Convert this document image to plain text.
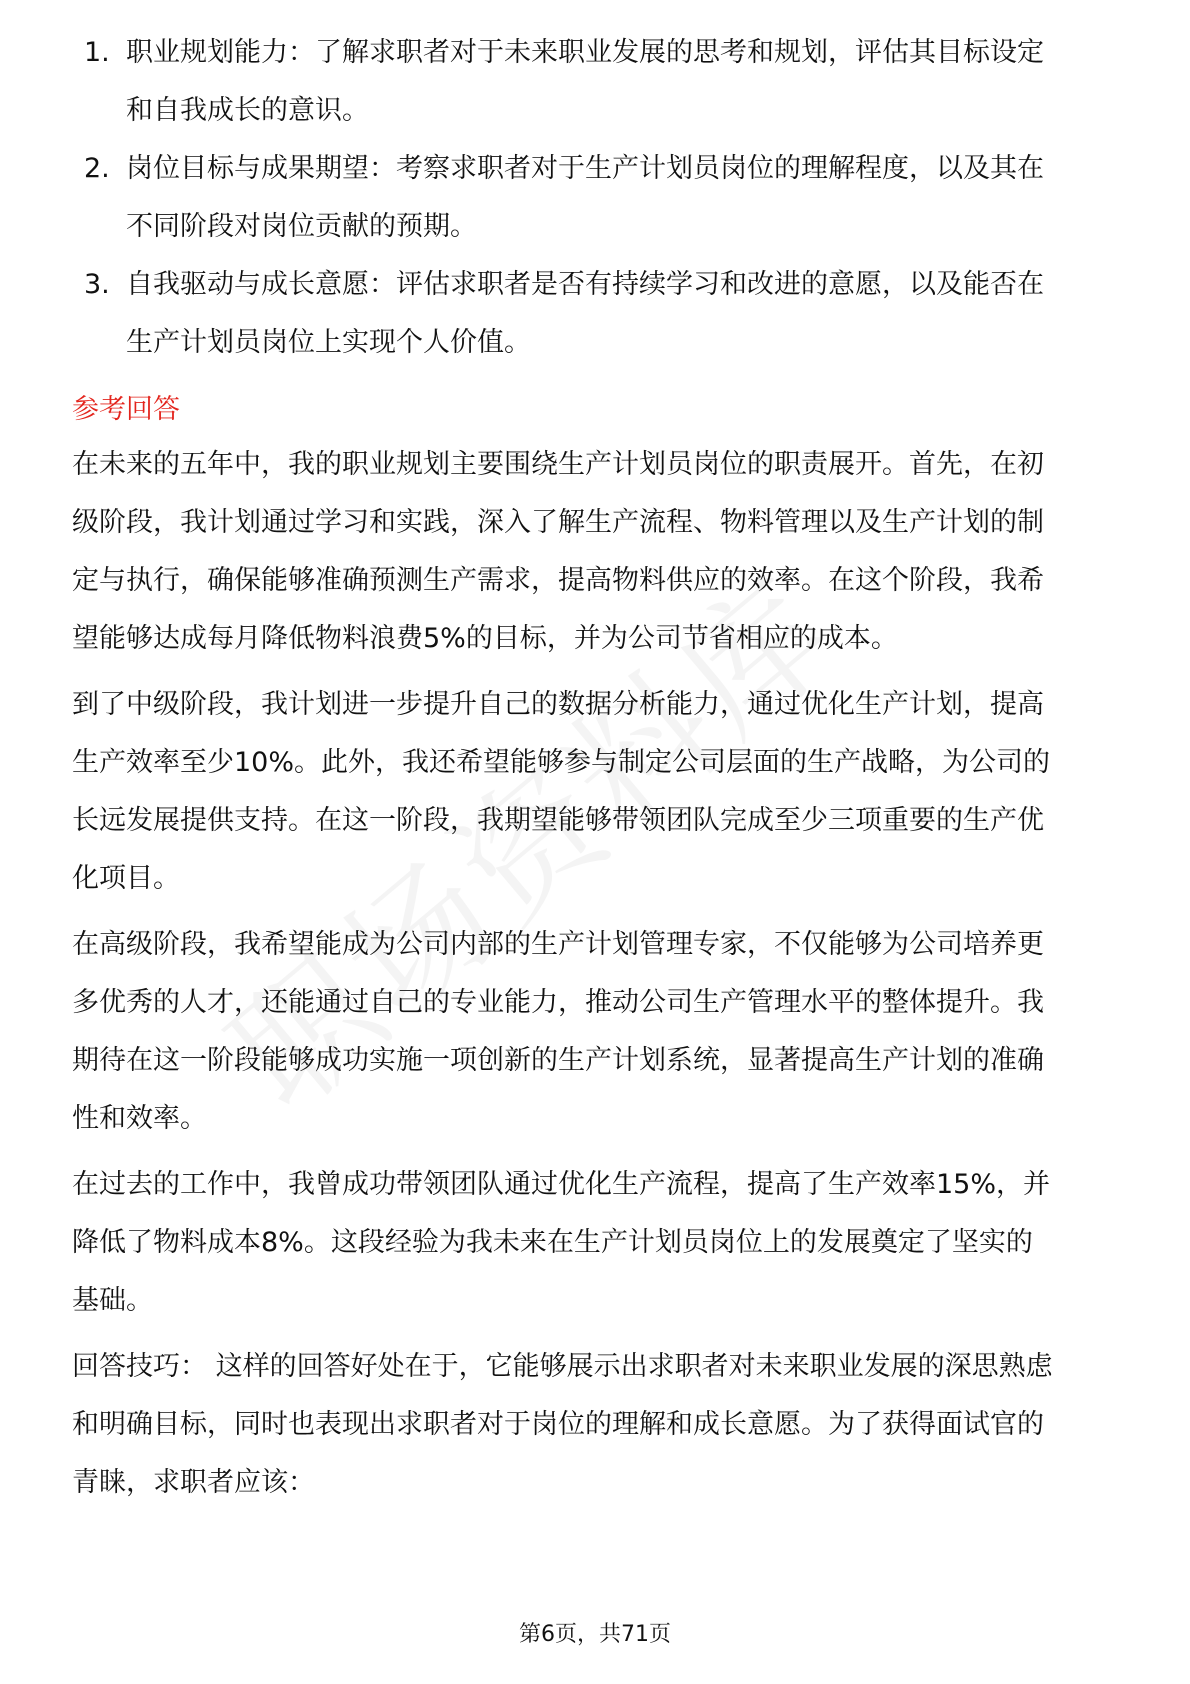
1. 职业规划能力：了解求职者对于未来职业发展的思考和规划，评估其目标设定
和自我成长的意识。
2. 岗位目标与成果期望：考察求职者对于生产计划员岗位的理解程度，以及其在
不同阶段对岗位贡献的预期。
3. 自我驱动与成长意愿：评估求职者是否有持续学习和改进的意愿，以及能否在
生产计划员岗位上实现个人价值。
参考回答
在未来的五年中，我的职业规划主要围绕生产计划员岗位的职责展开。首先，在初
级阶段，我计划通过学习和实践，深入了解生产流程、物料管理以及生产计划的制
定与执行，确保能够准确预测生产需求，提高物料供应的效率。在这个阶段，我希
望能够达成每月降低物料浪费5%的目标，并为公司节省相应的成本。
到了中级阶段，我计划进一步提升自己的数据分析能力，通过优化生产计划，提高
生产效率至少10%。此外，我还希望能够参与制定公司层面的生产战略，为公司的
长远发展提供支持。在这一阶段，我期望能够带领团队完成至少三项重要的生产优
化项目。
在高级阶段，我希望能成为公司内部的生产计划管理专家，不仅能够为公司培养更
多优秀的人才，还能通过自己的专业能力，推动公司生产管理水平的整体提升。我
期待在这一阶段能够成功实施一项创新的生产计划系统，显著提高生产计划的准确
性和效率。
在过去的工作中，我曾成功带领团队通过优化生产流程，提高了生产效率15%，并
降低了物料成本8%。这段经验为我未来在生产计划员岗位上的发展奠定了坚实的
基础。
回答技巧： 这样的回答好处在于，它能够展示出求职者对未来职业发展的深思熟虑
和明确目标，同时也表现出求职者对于岗位的理解和成长意愿。为了获得面试官的
青睐，求职者应该：
第6页，共71页
